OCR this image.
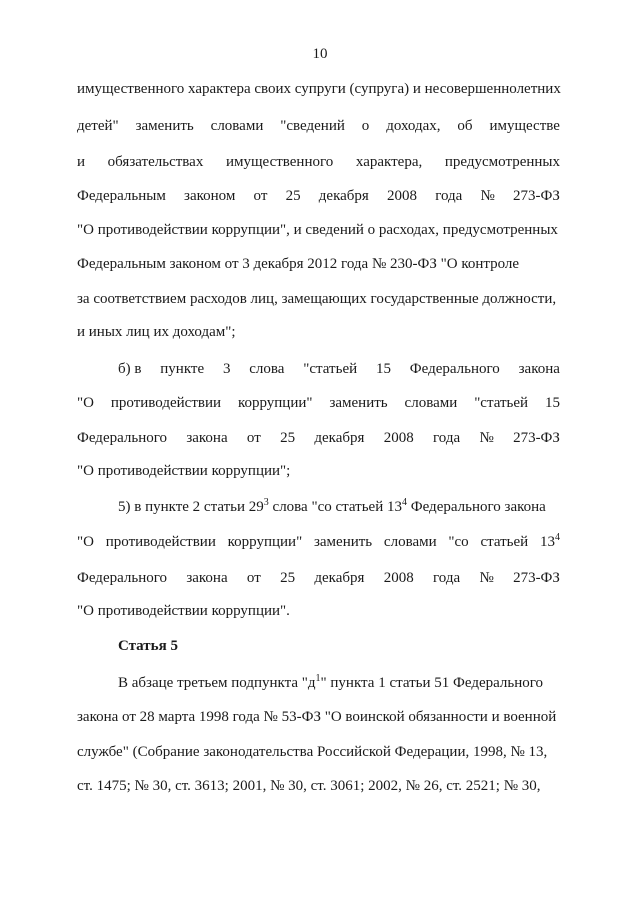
10
имущественного характера своих супруги (супруга) и несовершеннолетних
детей" заменить словами "сведений о доходах, об имуществе
и обязательствах имущественного характера, предусмотренных
Федеральным законом от 25 декабря 2008 года № 273-ФЗ
"О противодействии коррупции", и сведений о расходах, предусмотренных
Федеральным законом от 3 декабря 2012 года № 230-ФЗ "О контроле
за соответствием расходов лиц, замещающих государственные должности,
и иных лиц их доходам";
б) в пункте 3 слова "статьей 15 Федерального закона
"О противодействии коррупции" заменить словами "статьей 15
Федерального закона от 25 декабря 2008 года № 273-ФЗ
"О противодействии коррупции";
5) в пункте 2 статьи $29^3$ слова "со статьей $13^4$ Федерального закона
"О противодействии коррупции" заменить словами "со статьей $13^4$
Федерального закона от 25 декабря 2008 года № 273-ФЗ
"О противодействии коррупции".
Статья 5
В абзаце третьем подпункта "$д^1$" пункта 1 статьи 51 Федерального
закона от 28 марта 1998 года № 53-ФЗ "О воинской обязанности и военной
службе" (Собрание законодательства Российской Федерации, 1998, № 13,
ст. 1475; № 30, ст. 3613; 2001, № 30, ст. 3061; 2002, № 26, ст. 2521; № 30,
